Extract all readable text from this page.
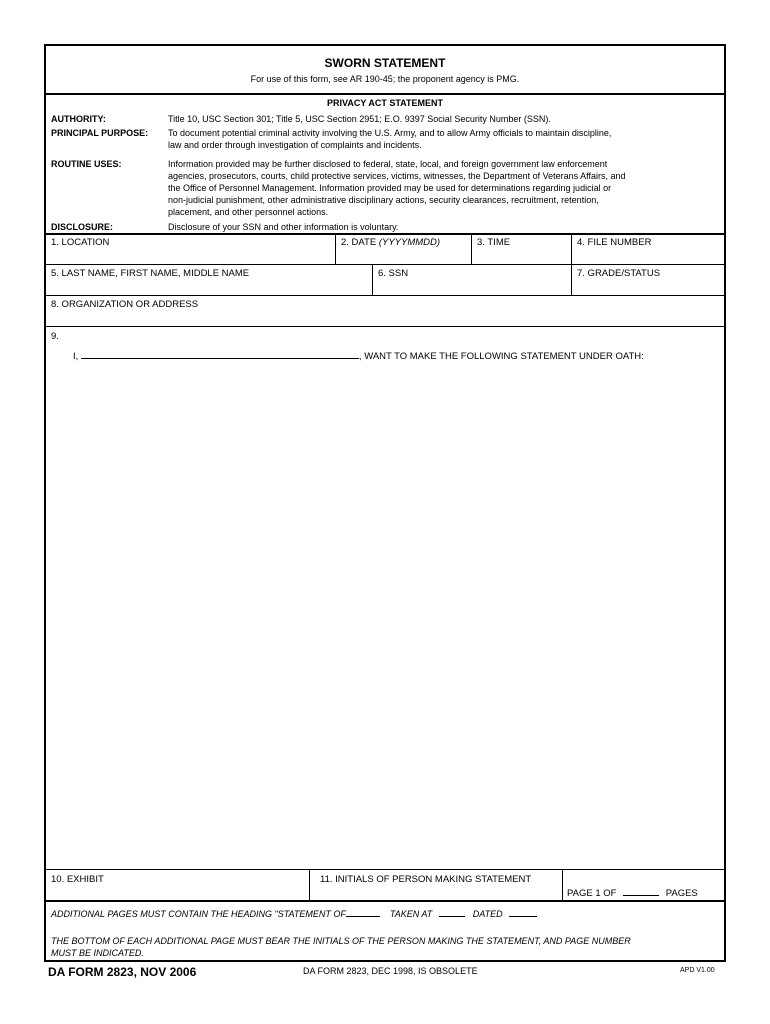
SWORN STATEMENT
For use of this form, see AR 190-45; the proponent agency is PMG.
PRIVACY ACT STATEMENT
AUTHORITY:	Title 10, USC Section 301; Title 5, USC Section 2951; E.O. 9397 Social Security Number (SSN).
PRINCIPAL PURPOSE: To document potential criminal activity involving the U.S. Army, and to allow Army officials to maintain discipline,
law and order through investigation of complaints and incidents.
ROUTINE USES:	Information provided may be further disclosed to federal, state, local, and foreign government law enforcement
agencies, prosecutors, courts, child protective services, victims, witnesses, the Department of Veterans Affairs, and
the Office of Personnel Management. Information provided may be used for determinations regarding judicial or
non-judicial punishment, other administrative disciplinary actions, security clearances, recruitment, retention,
placement, and other personnel actions.
DISCLOSURE:	Disclosure of your SSN and other information is voluntary.
1. LOCATION	2. DATE (YYYYMMDD)	3. TIME	4. FILE NUMBER
5. LAST NAME, FIRST NAME, MIDDLE NAME	6. SSN	7. GRADE/STATUS
8. ORGANIZATION OR ADDRESS
9.
I,	, WANT TO MAKE THE FOLLOWING STATEMENT UNDER OATH:
10. EXHIBIT	11. INITIALS OF PERSON MAKING STATEMENT
PAGE 1 OF	PAGES
ADDITIONAL PAGES MUST CONTAIN THE HEADING "STATEMENT OF	TAKEN AT	DATED
THE BOTTOM OF EACH ADDITIONAL PAGE MUST BEAR THE INITIALS OF THE PERSON MAKING THE STATEMENT, AND PAGE NUMBER
MUST BE INDICATED.
DA FORM 2823, NOV 2006	DA FORM 2823, DEC 1998, IS OBSOLETE	APD V1.00
